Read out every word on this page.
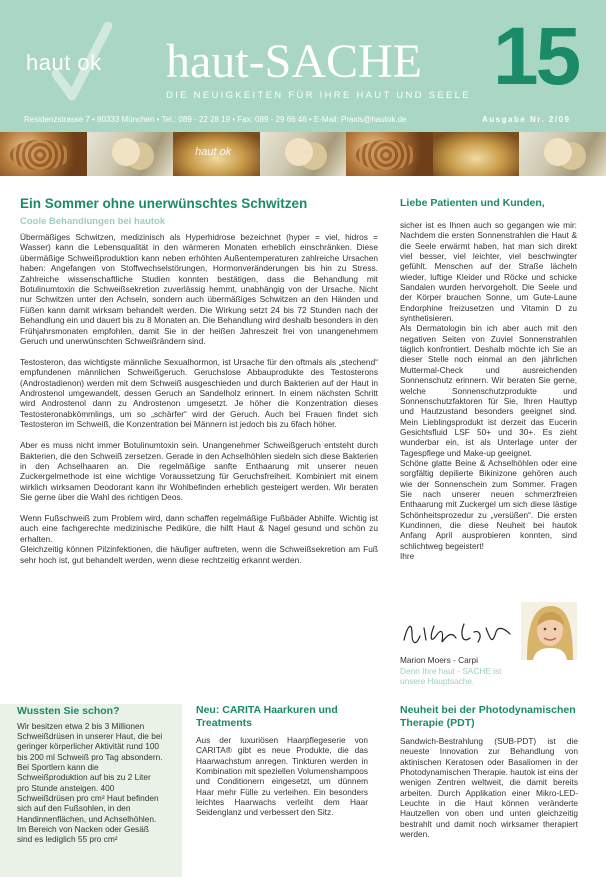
haut ok haut-SACHE
DIE NEUIGKEITEN FÜR IHRE HAUT UND SEELE 15
Residenzstrasse 7 • 80333 München • Tel.: 089 - 22 28 19 • Fax: 089 - 29 66 46 • E-Mail: Praxis@hautok.de	Ausgabe Nr. 2/09
haut ok
Ein Sommer ohne unerwünschtes Schwitzen
Coole Behandlungen bei hautok

Übermäßiges Schwitzen, medizinisch als Hyperhidrose bezeichnet (hyper = viel, hidros = Wasser) kann die Lebensqualität in den wärmeren Monaten erheblich einschränken. Diese übermäßige Schweißproduktion kann neben erhöhten Außentemperaturen zahlreiche Ursachen haben: Angefangen von Stoffwechselstörungen, Hormonveränderungen bis hin zu Stress. Zahlreiche wissenschaftliche Studien konnten bestätigen, dass die Behandlung mit Botulinumtoxin die Schweißsekretion zuverlässig hemmt, unabhängig von der Ursache. Nicht nur Schwitzen unter den Achseln, sondern auch übermäßiges Schwitzen an den Händen und Füßen kann damit wirksam behandelt werden. Die Wirkung setzt 24 bis 72 Stunden nach der Behandlung ein und dauert bis zu 8 Monaten an. Die Behandlung wird deshalb besonders in den Frühjahrsmonaten empfohlen, damit Sie in der heißen Jahreszeit frei von unangenehmem Geruch und unerwünschten Schweißrändern sind.

Testosteron, das wichtigste männliche Sexualhormon, ist Ursache für den oftmals als „stechend“ empfundenen männlichen Schweißgeruch. Geruchslose Abbauprodukte des Testosterons (Androstadienon) werden mit dem Schweiß ausgeschieden und durch Bakterien auf der Haut in Androstenol umgewandelt, dessen Geruch an Sandelholz erinnert. In einem nächsten Schritt wird Androstenol dann zu Androstenon umgesetzt. Je höher die Konzentration dieses Testosteronabkömmlings, um so „schärfer“ wird der Geruch. Auch bei Frauen findet sich Testosteron im Schweiß, die Konzentration bei Männern ist jedoch bis zu 6fach höher.

Aber es muss nicht immer Botulinumtoxin sein. Unangenehmer Schweißgeruch entsteht durch Bakterien, die den Schweiß zersetzen. Gerade in den Achselhöhlen siedeln sich diese Bakterien in den Achselhaaren an. Die regelmäßige sanfte Enthaarung mit unserer neuen Zuckergelmethode ist eine wichtige Voraussetzung für Geruchsfreiheit. Kombiniert mit einem wirklich wirksamen Deodorant kann ihr Wohlbefinden erheblich gesteigert werden. Wir beraten Sie gerne über die Wahl des richtigen Deos.

Wenn Fußschweiß zum Problem wird, dann schaffen regelmäßige Fußbäder Abhilfe. Wichtig ist auch eine fachgerechte medizinische Pediküre, die hilft Haut & Nagel gesund und schön zu erhalten.

Gleichzeitig können Pilzinfektionen, die häufiger auftreten, wenn die Schweißsekretion am Fuß sehr hoch ist, gut behandelt werden, wenn diese rechtzeitig erkannt werden.

Liebe Patienten und Kunden,

sicher ist es Ihnen auch so gegangen wie mir: Nachdem die ersten Sonnenstrahlen die Haut & die Seele erwärmt haben, hat man sich direkt viel besser, viel leichter, viel beschwingter gefühlt. Menschen auf der Straße lächeln wieder, luftige Kleider und Röcke und schicke Sandalen wurden hervorgeholt. Die Seele und der Körper brauchen Sonne, um Gute-Laune Endorphine freizusetzen und Vitamin D zu synthetisieren.

Als Dermatologin bin ich aber auch mit den negativen Seiten von Zuviel Sonnenstrahlen täglich konfrontiert. Deshalb möchte ich Sie an dieser Stelle noch einmal an den jährlichen Muttermal-Check und ausreichenden Sonnenschutz erinnern. Wir beraten Sie gerne, welche Sonnenschutzprodukte und Sonnenschutzfaktoren für Sie, Ihren Hauttyp und Hautzustand besonders geeignet sind. Mein Lieblingsprodukt ist derzeit das Eucerin Gesichtsfluid LSF 50+ und 30+. Es zieht wunderbar ein, ist als Unterlage unter der Tagespflege und Make-up geeignet.

Schöne glatte Beine & Achselhöhlen oder eine sorgfältig depilierte Bikinizone gehören auch wie der Sonnenschein zum Sommer. Fragen Sie nach unserer neuen schmerzfreien Enthaarung mit Zuckergel um sich diese lästige Schönheitsprozedur zu „versüßen“. Die ersten Kundinnen, die diese Neuheit bei hautok Anfang April ausprobieren konnten, sind schlichtweg begeistert!

Ihre

Marion Moers - Carpi
Denn Ihre haut - SACHE ist unsere Hauptsache.
Wussten Sie schon?
Wir besitzen etwa 2 bis 3 Millionen Schweißdrüsen in unserer Haut, die bei geringer körperlicher Aktivität rund 100 bis 200 ml Schweiß pro Tag absondern. Bei Sportlern kann die Schweißproduktion auf bis zu 2 Liter pro Stunde ansteigen. 400 Schweißdrüsen pro cm² Haut befinden sich auf den Fußsohlen, in den Handinnenflächen, und Achselhöhlen. Im Bereich von Nacken oder Gesäß sind es lediglich 55 pro cm²
Neu: CARITA Haarkuren und Treatments
Aus der luxuriösen Haarpflegeserie von CARITA® gibt es neue Produkte, die das Haarwachstum anregen. Tinkturen werden in Kombination mit speziellen Volumenshampoos und Conditionern eingesetzt, um dünnem Haar mehr Fülle zu verleihen. Ein besonders leichtes Haarwachs verleiht dem Haar Seidenglanz und verbessert den Sitz.
Neuheit bei der Photodynamischen Therapie (PDT)
Sandwich-Bestrahlung (SUB-PDT) ist die neueste Innovation zur Behandlung von aktinischen Keratosen oder Basaliomen in der Photodynamischen Therapie. hautok ist eins der wenigen Zentren weltweit, die damit bereits arbeiten. Durch Applikation einer Mikro-LED-Leuchte in die Haut können veränderte Hautzellen von oben und unten gleichzeitig bestrahlt und damit noch wirksamer therapiert werden.
